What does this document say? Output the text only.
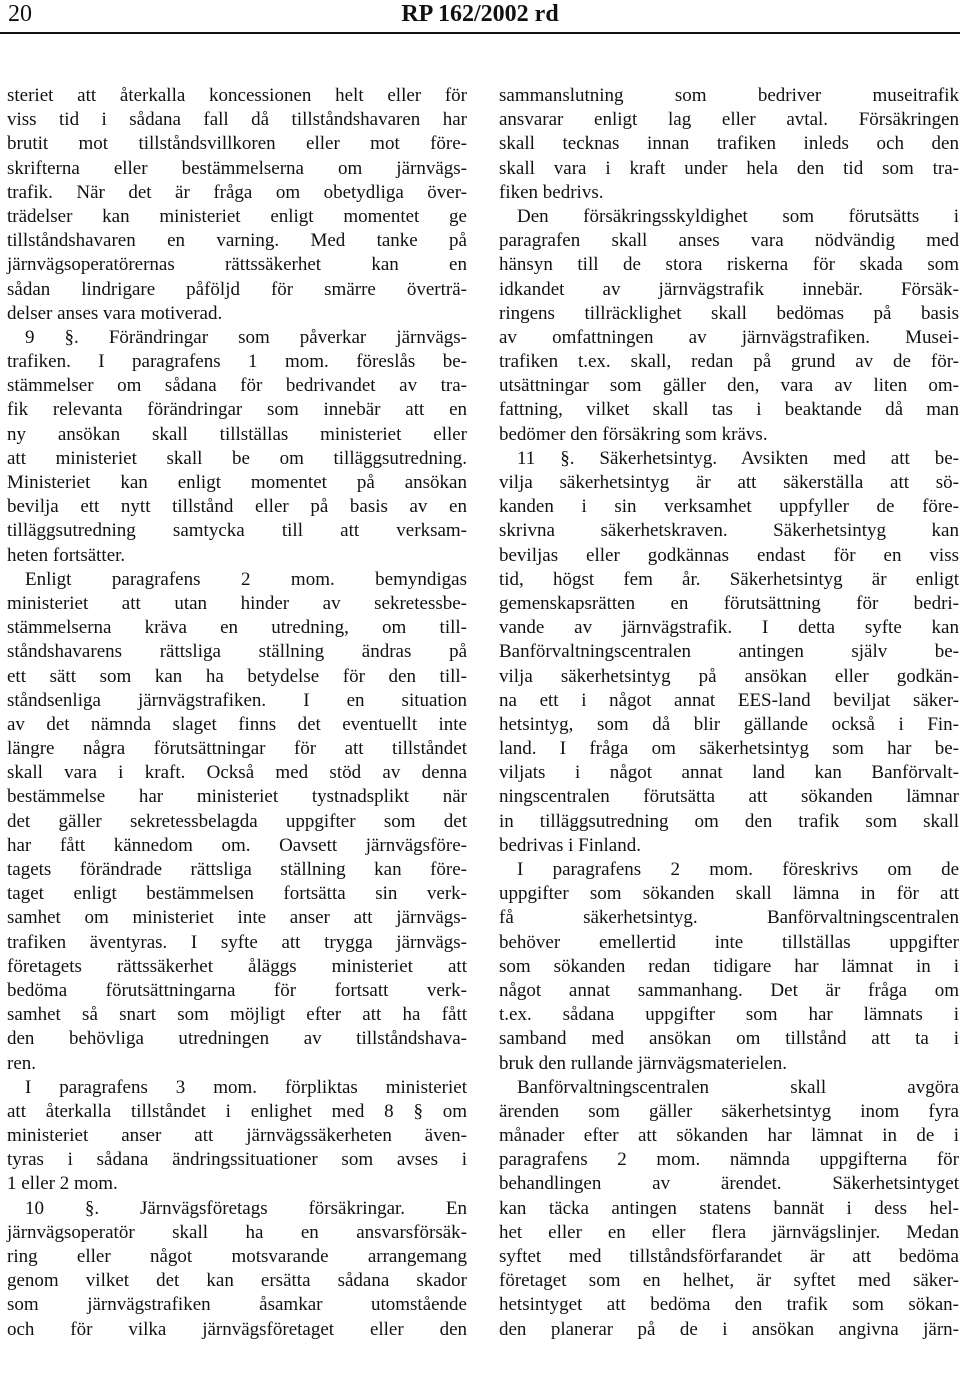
RP 162/2002 rd
20
steriet att återkalla koncessionen helt eller för
viss tid i sådana fall då tillståndshavaren har
brutit mot tillståndsvillkoren eller mot före-
skrifterna eller bestämmelserna om järnvägs-
trafik. När det är fråga om obetydliga över-
trädelser kan ministeriet enligt momentet ge
tillståndshavaren en varning. Med tanke på
järnvägsoperatörernas rättssäkerhet kan en
sådan lindrigare påföljd för smärre överträ-
delser anses vara motiverad.
9 §. Förändringar som påverkar järnvägs-
trafiken. I paragrafens 1 mom. föreslås be-
stämmelser om sådana för bedrivandet av tra-
fik relevanta förändringar som innebär att en
ny ansökan skall tillställas ministeriet eller
att ministeriet skall be om tilläggsutredning.
Ministeriet kan enligt momentet på ansökan
bevilja ett nytt tillstånd eller på basis av en
tilläggsutredning samtycka till att verksam-
heten fortsätter.
Enligt paragrafens 2 mom. bemyndigas
ministeriet att utan hinder av sekretessbe-
stämmelserna kräva en utredning, om till-
ståndshavarens rättsliga ställning ändras på
ett sätt som kan ha betydelse för den till-
ståndsenliga järnvägstrafiken. I en situation
av det nämnda slaget finns det eventuellt inte
längre några förutsättningar för att tillståndet
skall vara i kraft. Också med stöd av denna
bestämmelse har ministeriet tystnadsplikt när
det gäller sekretessbelagda uppgifter som det
har fått kännedom om. Oavsett järnvägsföre-
tagets förändrade rättsliga ställning kan före-
taget enligt bestämmelsen fortsätta sin verk-
samhet om ministeriet inte anser att järnvägs-
trafiken äventyras. I syfte att trygga järnvägs-
företagets rättssäkerhet åläggs ministeriet att
bedöma förutsättningarna för fortsatt verk-
samhet så snart som möjligt efter att ha fått
den behövliga utredningen av tillståndshava-
ren.
I paragrafens 3 mom. förpliktas ministeriet
att återkalla tillståndet i enlighet med 8 § om
ministeriet anser att järnvägssäkerheten även-
tyras i sådana ändringssituationer som avses i
1 eller 2 mom.
10 §. Järnvägsföretags försäkringar. En
järnvägsoperatör skall ha en ansvarsförsäk-
ring eller något motsvarande arrangemang
genom vilket det kan ersätta sådana skador
som järnvägstrafiken åsamkar utomstående
och för vilka järnvägsföretaget eller den
sammanslutning som bedriver museitrafik
ansvarar enligt lag eller avtal. Försäkringen
skall tecknas innan trafiken inleds och den
skall vara i kraft under hela den tid som tra-
fiken bedrivs.
Den försäkringsskyldighet som förutsätts i
paragrafen skall anses vara nödvändig med
hänsyn till de stora riskerna för skada som
idkandet av järnvägstrafik innebär. Försäk-
ringens tillräcklighet skall bedömas på basis
av omfattningen av järnvägstrafiken. Musei-
trafiken t.ex. skall, redan på grund av de för-
utsättningar som gäller den, vara av liten om-
fattning, vilket skall tas i beaktande då man
bedömer den försäkring som krävs.
11 §. Säkerhetsintyg. Avsikten med att be-
vilja säkerhetsintyg är att säkerställa att sö-
kanden i sin verksamhet uppfyller de före-
skrivna säkerhetskraven. Säkerhetsintyg kan
beviljas eller godkännas endast för en viss
tid, högst fem år. Säkerhetsintyg är enligt
gemenskapsrätten en förutsättning för bedri-
vande av järnvägstrafik. I detta syfte kan
Banförvaltningscentralen antingen själv be-
vilja säkerhetsintyg på ansökan eller godkän-
na ett i något annat EES-land beviljat säker-
hetsintyg, som då blir gällande också i Fin-
land. I fråga om säkerhetsintyg som har be-
viljats i något annat land kan Banförvalt-
ningscentralen förutsätta att sökanden lämnar
in tilläggsutredning om den trafik som skall
bedrivas i Finland.
I paragrafens 2 mom. föreskrivs om de
uppgifter som sökanden skall lämna in för att
få säkerhetsintyg. Banförvaltningscentralen
behöver emellertid inte tillställas uppgifter
som sökanden redan tidigare har lämnat in i
något annat sammanhang. Det är fråga om
t.ex. sådana uppgifter som har lämnats i
samband med ansökan om tillstånd att ta i
bruk den rullande järnvägsmaterielen.
Banförvaltningscentralen skall avgöra
ärenden som gäller säkerhetsintyg inom fyra
månader efter att sökanden har lämnat in de i
paragrafens 2 mom. nämnda uppgifterna för
behandlingen av ärendet. Säkerhetsintyget
kan täcka antingen statens bannät i dess hel-
het eller en eller flera järnvägslinjer. Medan
syftet med tillståndsförfarandet är att bedöma
företaget som en helhet, är syftet med säker-
hetsintyget att bedöma den trafik som sökan-
den planerar på de i ansökan angivna järn-
